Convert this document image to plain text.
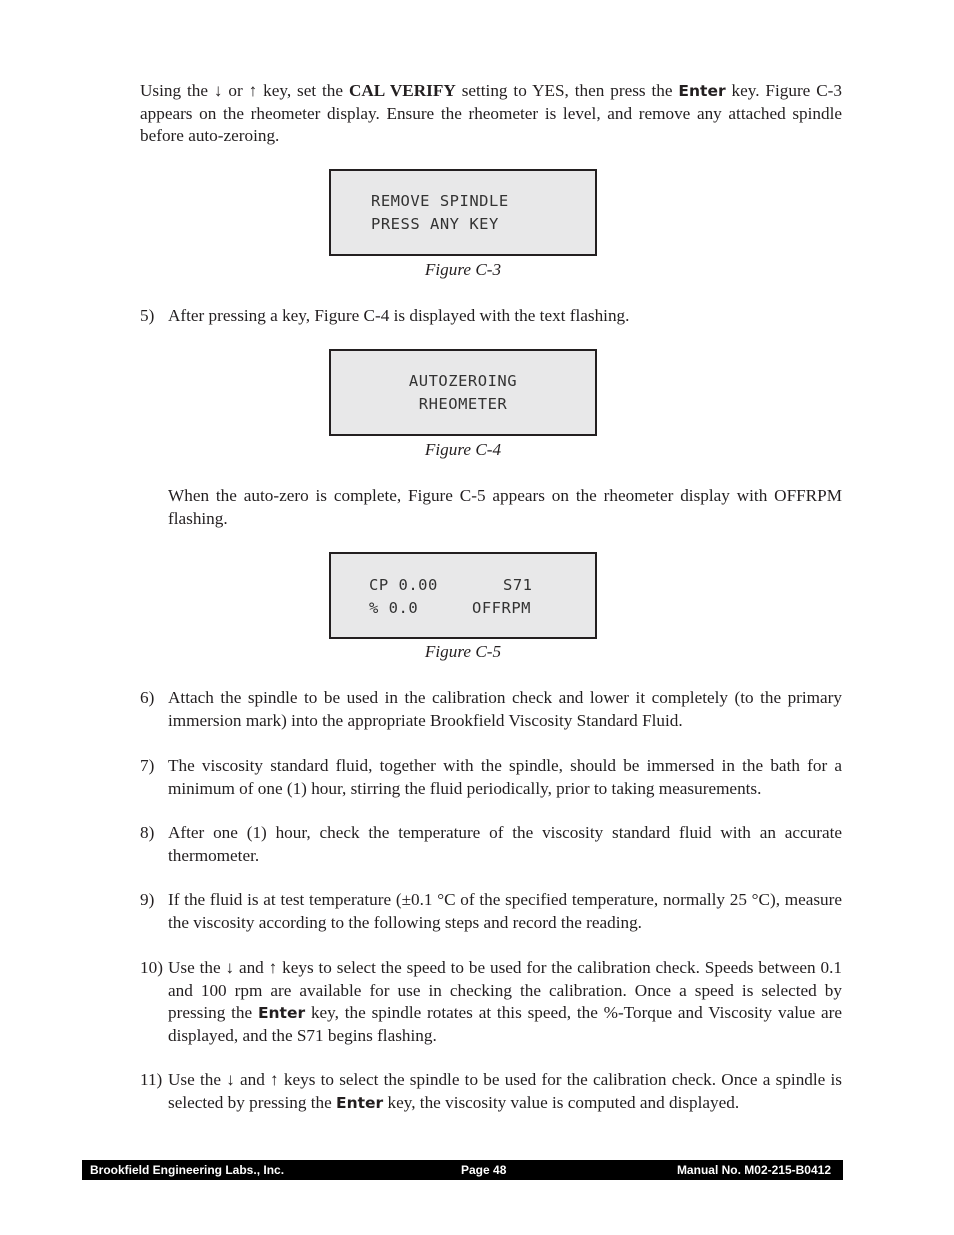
Using the ↓ or ↑ key, set the CAL VERIFY setting to YES, then press the Enter key. Figure C-3 appears on the rheometer display. Ensure the rheometer is level, and remove any attached spindle before auto-zeroing.

REMOVE SPINDLE
PRESS ANY KEY
Figure C-3
5) After pressing a key, Figure C-4 is displayed with the text flashing.
AUTOZEROING
RHEOMETER
Figure C-4

When the auto-zero is complete, Figure C-5 appears on the rheometer display with OFFRPM flashing.

CP 0.00	S71
% 0.0	OFFRPM
Figure C-5
6) Attach the spindle to be used in the calibration check and lower it completely (to the primary immersion mark) into the appropriate Brookfield Viscosity Standard Fluid.
7) The viscosity standard fluid, together with the spindle, should be immersed in the bath for a minimum of one (1) hour, stirring the fluid periodically, prior to taking measurements.
8) After one (1) hour, check the temperature of the viscosity standard fluid with an accurate thermometer.
9) If the fluid is at test temperature (±0.1 °C of the specified temperature, normally 25 °C), measure the viscosity according to the following steps and record the reading.
10) Use the ↓ and ↑ keys to select the speed to be used for the calibration check. Speeds between 0.1 and 100 rpm are available for use in checking the calibration. Once a speed is selected by pressing the Enter key, the spindle rotates at this speed, the %-Torque and Viscosity value are displayed, and the S71 begins flashing.
11) Use the ↓ and ↑ keys to select the spindle to be used for the calibration check. Once a spindle is selected by pressing the Enter key, the viscosity value is computed and displayed.
Brookfield Engineering Labs., Inc.	Page 48	Manual No. M02-215-B0412
